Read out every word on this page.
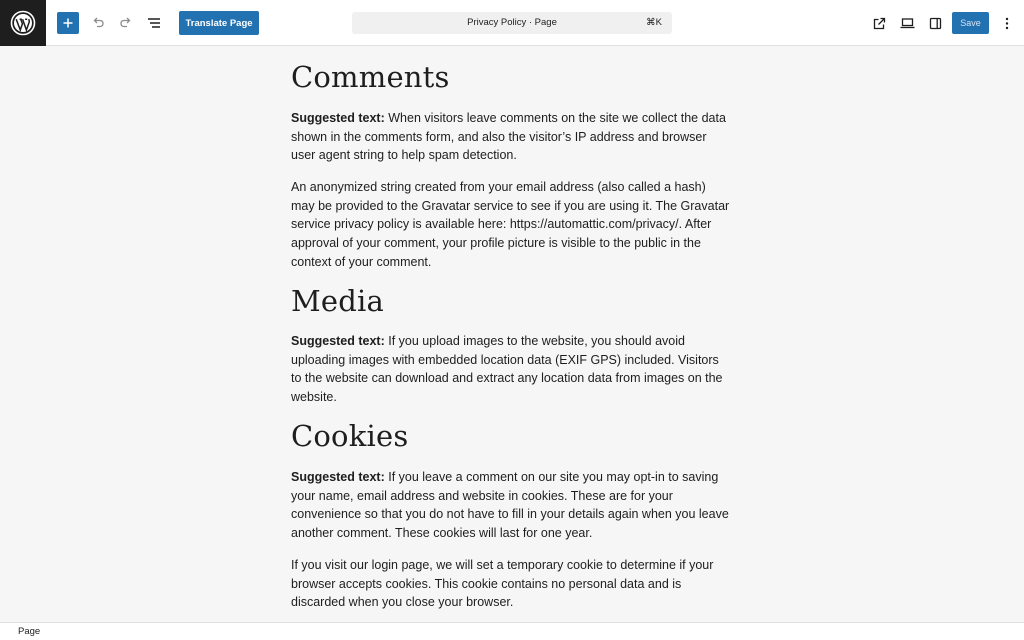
Translate Page	Privacy Policy · Page	⌘K	Save
Comments

Suggested text: When visitors leave comments on the site we collect the data shown in the comments form, and also the visitor’s IP address and browser user agent string to help spam detection.

An anonymized string created from your email address (also called a hash) may be provided to the Gravatar service to see if you are using it. The Gravatar service privacy policy is available here: https://automattic.com/privacy/. After approval of your comment, your profile picture is visible to the public in the context of your comment.

Media

Suggested text: If you upload images to the website, you should avoid uploading images with embedded location data (EXIF GPS) included. Visitors to the website can download and extract any location data from images on the website.

Cookies

Suggested text: If you leave a comment on our site you may opt-in to saving your name, email address and website in cookies. These are for your convenience so that you do not have to fill in your details again when you leave another comment. These cookies will last for one year.

If you visit our login page, we will set a temporary cookie to determine if your browser accepts cookies. This cookie contains no personal data and is discarded when you close your browser.

Page
